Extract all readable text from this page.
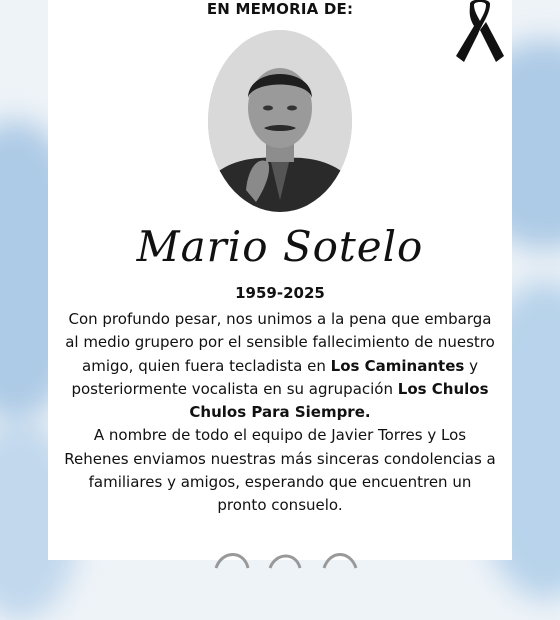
EN MEMORIA DE:
Mario Sotelo
1959-2025

Con profundo pesar, nos unimos a la pena que embarga al medio grupero por el sensible fallecimiento de nuestro amigo, quien fuera tecladista en Los Caminantes y posteriormente vocalista en su agrupación Los Chulos Chulos Para Siempre.
A nombre de todo el equipo de Javier Torres y Los Rehenes enviamos nuestras más sinceras condolencias a familiares y amigos, esperando que encuentren un pronto consuelo.
